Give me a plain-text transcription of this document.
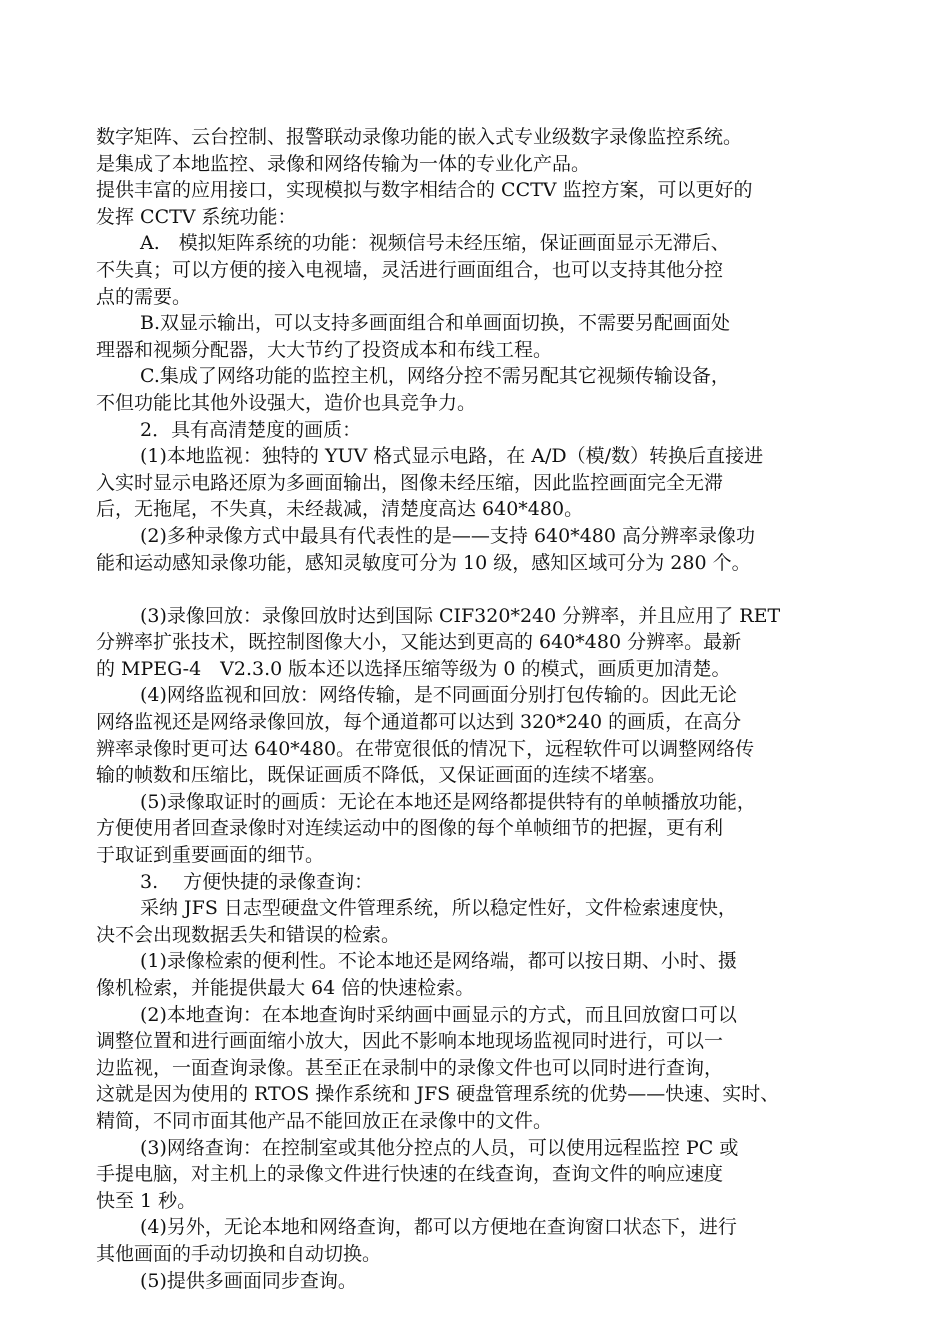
数字矩阵、云台控制、报警联动录像功能的嵌入式专业级数字录像监控系统。
是集成了本地监控、录像和网络传输为一体的专业化产品。
提供丰富的应用接口，实现模拟与数字相结合的 CCTV 监控方案，可以更好的
发挥 CCTV 系统功能：
A.　模拟矩阵系统的功能：视频信号未经压缩，保证画面显示无滞后、
不失真；可以方便的接入电视墙，灵活进行画面组合，也可以支持其他分控
点的需要。
B.双显示输出，可以支持多画面组合和单画面切换，不需要另配画面处
理器和视频分配器，大大节约了投资成本和布线工程。
C.集成了网络功能的监控主机，网络分控不需另配其它视频传输设备，
不但功能比其他外设强大，造价也具竞争力。
2．具有高清楚度的画质：
(1)本地监视：独特的 YUV 格式显示电路，在 A/D（模/数）转换后直接进
入实时显示电路还原为多画面输出，图像未经压缩，因此监控画面完全无滞
后，无拖尾，不失真，未经裁减，清楚度高达 640*480。
(2)多种录像方式中最具有代表性的是——支持 640*480 高分辨率录像功
能和运动感知录像功能，感知灵敏度可分为 10 级，感知区域可分为 280 个。
(3)录像回放：录像回放时达到国际 CIF320*240 分辨率，并且应用了 RET
分辨率扩张技术，既控制图像大小，又能达到更高的 640*480 分辨率。最新
的 MPEG-4　V2.3.0 版本还以选择压缩等级为 0 的模式，画质更加清楚。
(4)网络监视和回放：网络传输，是不同画面分别打包传输的。因此无论
网络监视还是网络录像回放，每个通道都可以达到 320*240 的画质，在高分
辨率录像时更可达 640*480。在带宽很低的情况下，远程软件可以调整网络传
输的帧数和压缩比，既保证画质不降低，又保证画面的连续不堵塞。
(5)录像取证时的画质：无论在本地还是网络都提供特有的单帧播放功能，
方便使用者回查录像时对连续运动中的图像的每个单帧细节的把握，更有利
于取证到重要画面的细节。
3.　 方便快捷的录像查询：
采纳 JFS 日志型硬盘文件管理系统，所以稳定性好，文件检索速度快，
决不会出现数据丢失和错误的检索。
(1)录像检索的便利性。不论本地还是网络端，都可以按日期、小时、摄
像机检索，并能提供最大 64 倍的快速检索。
(2)本地查询：在本地查询时采纳画中画显示的方式，而且回放窗口可以
调整位置和进行画面缩小放大，因此不影响本地现场监视同时进行，可以一
边监视，一面查询录像。甚至正在录制中的录像文件也可以同时进行查询，
这就是因为使用的 RTOS 操作系统和 JFS 硬盘管理系统的优势——快速、实时、
精简，不同市面其他产品不能回放正在录像中的文件。
(3)网络查询：在控制室或其他分控点的人员，可以使用远程监控 PC 或
手提电脑，对主机上的录像文件进行快速的在线查询，查询文件的响应速度
快至 1 秒。
(4)另外，无论本地和网络查询，都可以方便地在查询窗口状态下，进行
其他画面的手动切换和自动切换。
(5)提供多画面同步查询。
